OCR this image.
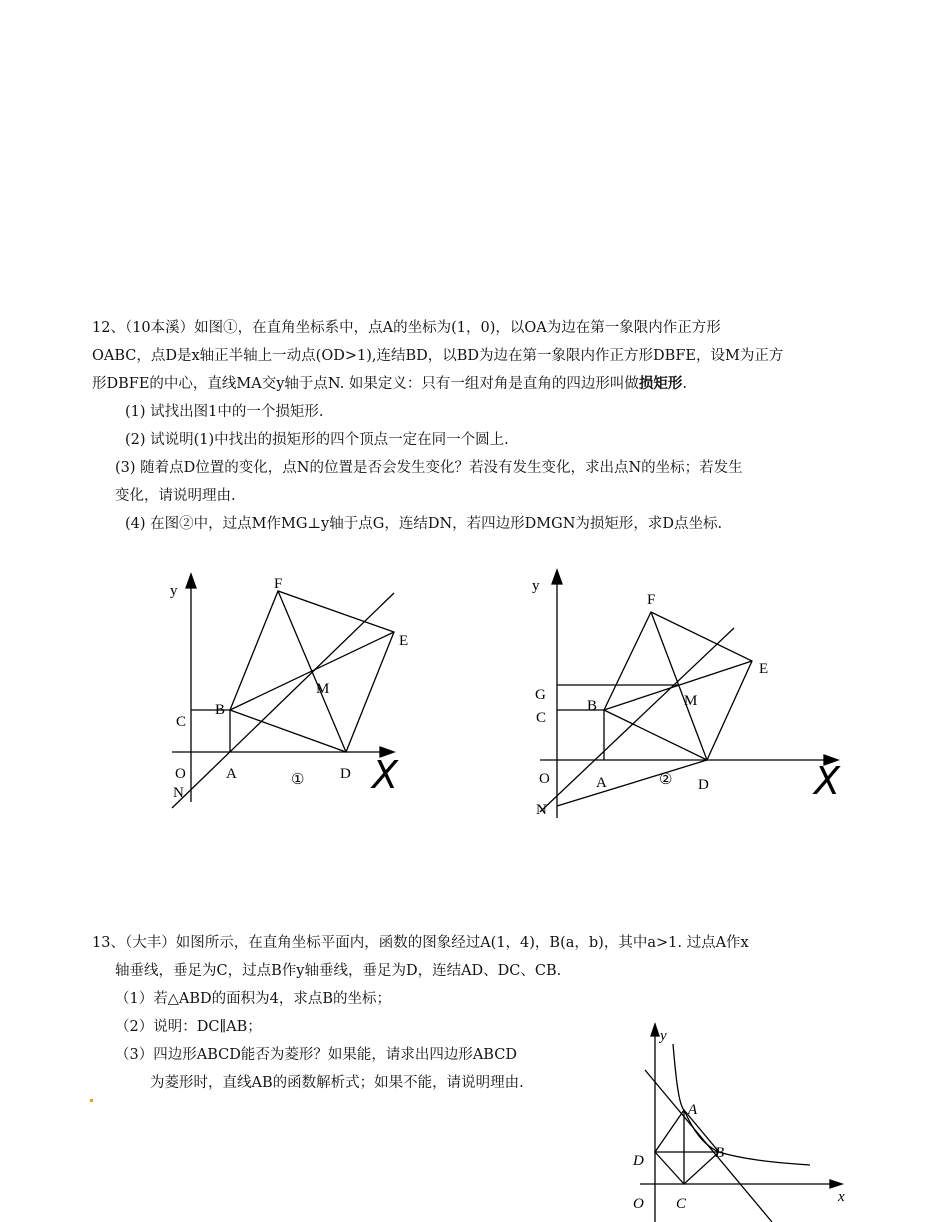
12、（10本溪）如图①，在直角坐标系中，点A的坐标为(1，0)，以OA为边在第一象限内作正方形
OABC，点D是x轴正半轴上一动点(OD>1),连结BD，以BD为边在第一象限内作正方形DBFE，设M为正方
形DBFE的中心，直线MA交y轴于点N. 如果定义：只有一组对角是直角的四边形叫做损矩形.
(1) 试找出图1中的一个损矩形.
(2) 试说明(1)中找出的损矩形的四个顶点一定在同一个圆上.
(3) 随着点D位置的变化，点N的位置是否会发生变化？若没有发生变化，求出点N的坐标；若发生
变化，请说明理由.
(4) 在图②中，过点M作MG⊥y轴于点G，连结DN，若四边形DMGN为损矩形，求D点坐标.
y	F
E
M
B
C
O	A
N
D
① X
y
F
E
M
G
B
C
O	A
N
D
②	X
13、（大丰）如图所示，在直角坐标平面内，函数的图象经过A(1，4)，B(a，b)，其中a>1. 过点A作x
轴垂线，垂足为C，过点B作y轴垂线，垂足为D，连结AD、DC、CB.
（1）若△ABD的面积为4，求点B的坐标；
（2）说明：DC∥AB；
（3）四边形ABCD能否为菱形？如果能，请求出四边形ABCD
为菱形时，直线AB的函数解析式；如果不能，请说明理由.
y
A
B
D
O C	x
